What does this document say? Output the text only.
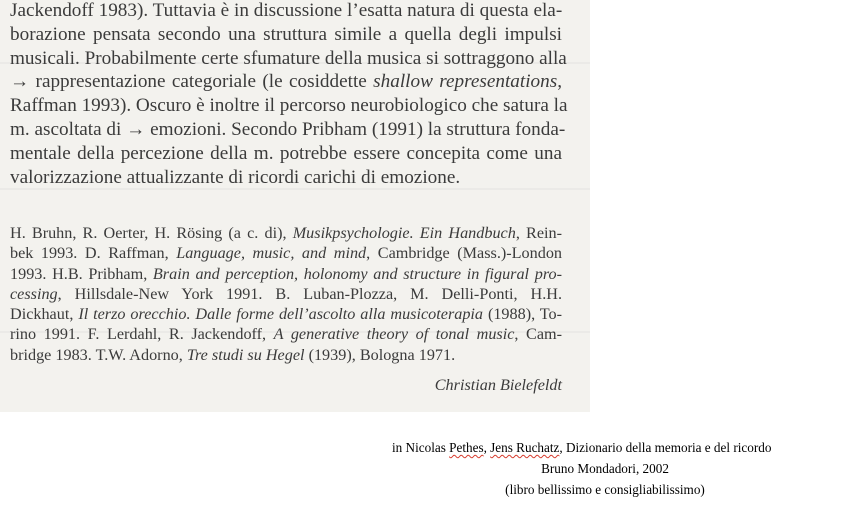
Jackendoff 1983). Tuttavia è in discussione l’esatta natura di questa ela-
borazione pensata secondo una struttura simile a quella degli impulsi
musicali. Probabilmente certe sfumature della musica si sottraggono alla
→ rappresentazione categoriale (le cosiddette shallow representations,
Raffman 1993). Oscuro è inoltre il percorso neurobiologico che satura la
m. ascoltata di → emozioni. Secondo Pribham (1991) la struttura fonda-
mentale della percezione della m. potrebbe essere concepita come una
valorizzazione attualizzante di ricordi carichi di emozione.
H. Bruhn, R. Oerter, H. Rösing (a c. di), Musikpsychologie. Ein Handbuch, Rein-
bek 1993. D. Raffman, Language, music, and mind, Cambridge (Mass.)-London
1993. H.B. Pribham, Brain and perception, holonomy and structure in figural pro-
cessing, Hillsdale-New York 1991. B. Luban-Plozza, M. Delli-Ponti, H.H.
Dickhaut, Il terzo orecchio. Dalle forme dell’ascolto alla musicoterapia (1988), To-
rino 1991. F. Lerdahl, R. Jackendoff, A generative theory of tonal music, Cam-
bridge 1983. T.W. Adorno, Tre studi su Hegel (1939), Bologna 1971.
Christian Bielefeldt
in Nicolas Pethes, Jens Ruchatz, Dizionario della memoria e del ricordo
Bruno Mondadori, 2002
(libro bellissimo e consigliabilissimo)
